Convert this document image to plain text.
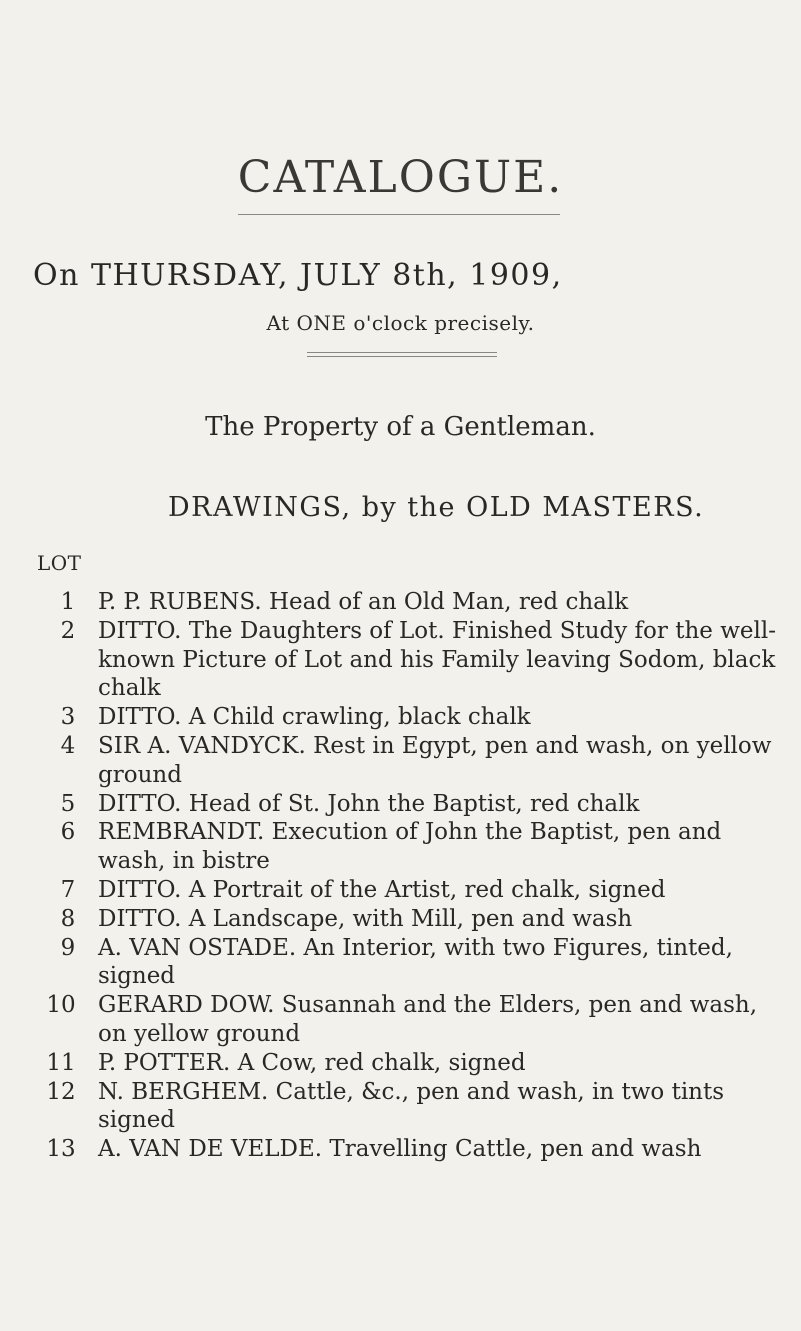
CATALOGUE.
On THURSDAY, JULY 8th, 1909,
At ONE o'clock precisely.
The Property of a Gentleman.
DRAWINGS, by the OLD MASTERS.
LOT
1 P. P. RUBENS. Head of an Old Man, red chalk
2 DITTO. The Daughters of Lot. Finished Study for the well-known Picture of Lot and his Family leaving Sodom, black chalk
3 DITTO. A Child crawling, black chalk
4 SIR A. VANDYCK. Rest in Egypt, pen and wash, on yellow ground
5 DITTO. Head of St. John the Baptist, red chalk
6 REMBRANDT. Execution of John the Baptist, pen and wash, in bistre
7 DITTO. A Portrait of the Artist, red chalk, signed
8 DITTO. A Landscape, with Mill, pen and wash
9 A. VAN OSTADE. An Interior, with two Figures, tinted, signed
10 GERARD DOW. Susannah and the Elders, pen and wash, on yellow ground
11 P. POTTER. A Cow, red chalk, signed
12 N. BERGHEM. Cattle, &c., pen and wash, in two tints signed
13 A. VAN DE VELDE. Travelling Cattle, pen and wash
